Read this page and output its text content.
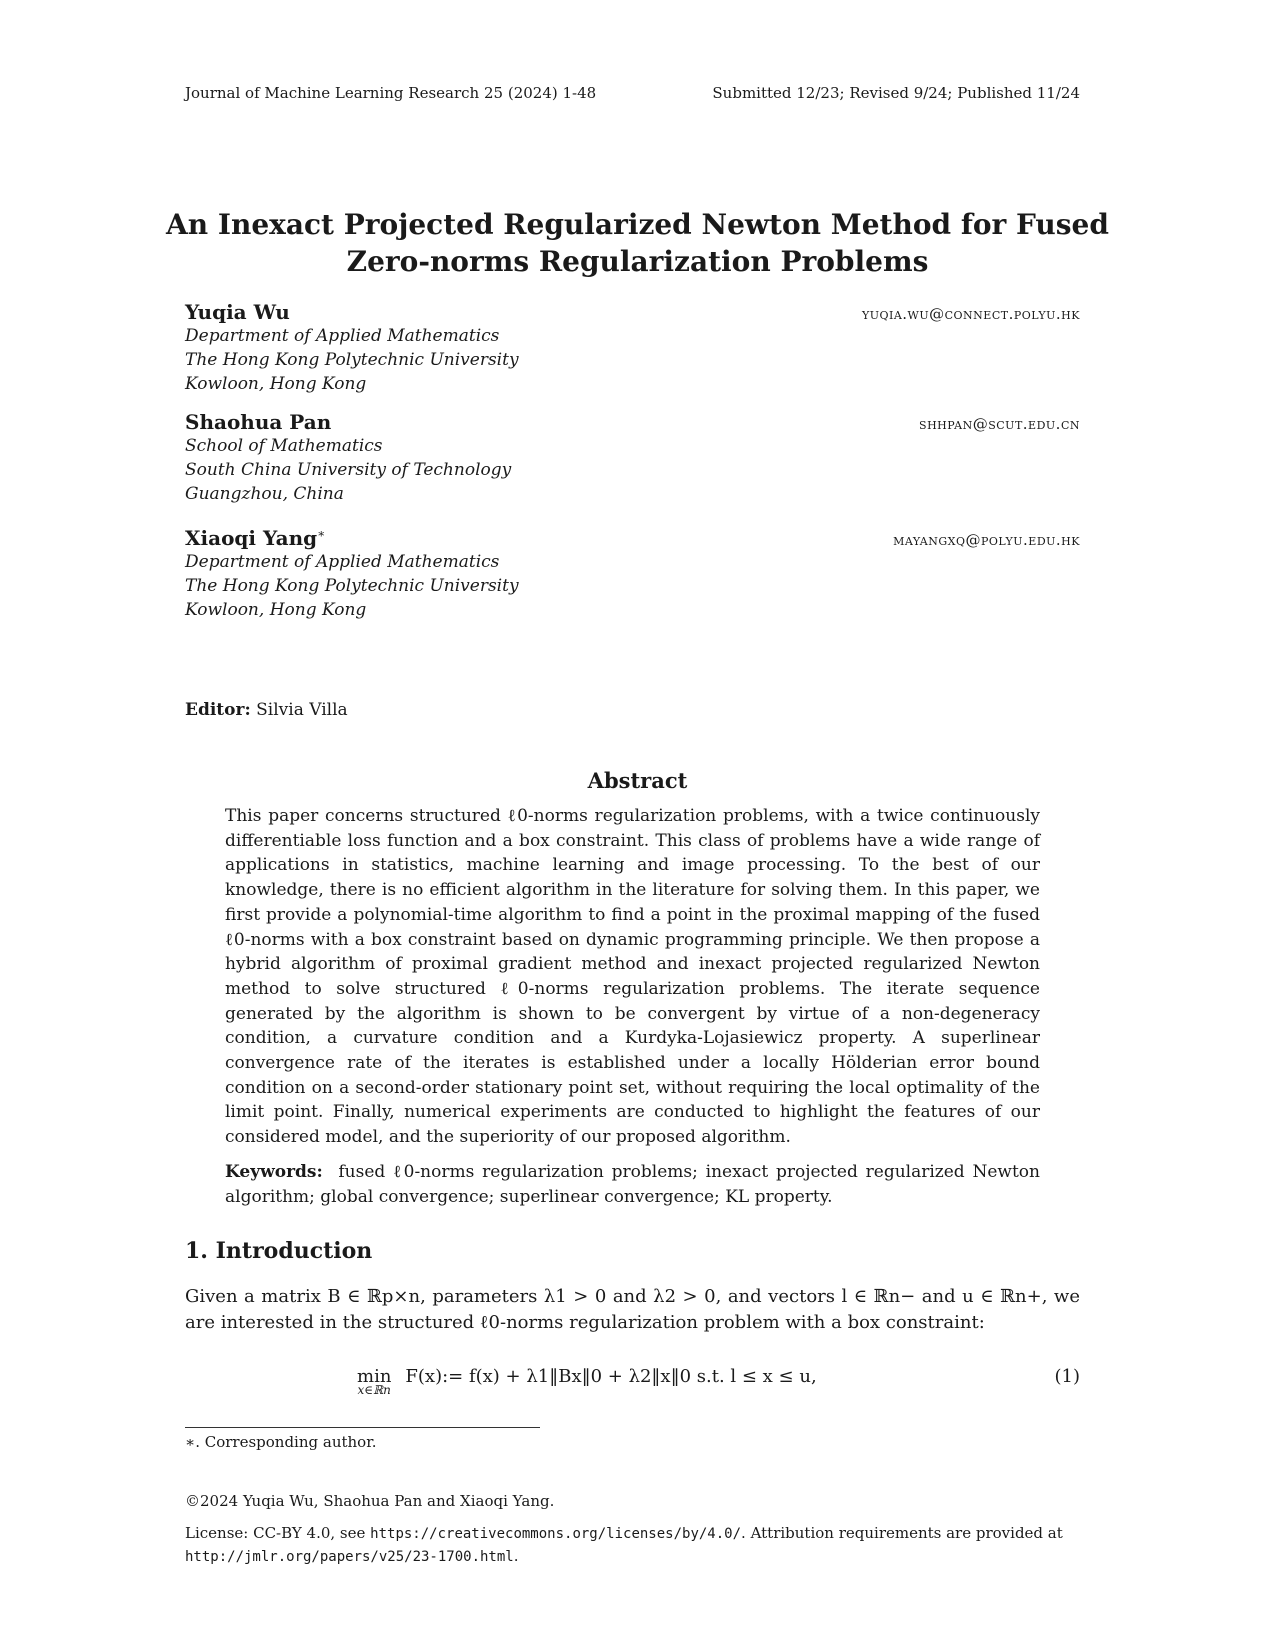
Journal of Machine Learning Research 25 (2024) 1-48	Submitted 12/23; Revised 9/24; Published 11/24
An Inexact Projected Regularized Newton Method for Fused
Zero-norms Regularization Problems
Yuqia Wu	yuqia.wu@connect.polyu.hk
Department of Applied Mathematics
The Hong Kong Polytechnic University
Kowloon, Hong Kong
Shaohua Pan	shhpan@scut.edu.cn
School of Mathematics
South China University of Technology
Guangzhou, China
Xiaoqi Yang∗	mayangxq@polyu.edu.hk
Department of Applied Mathematics
The Hong Kong Polytechnic University
Kowloon, Hong Kong
Editor: Silvia Villa
Abstract
This paper concerns structured ℓ0-norms regularization problems, with a twice continuously differentiable loss function and a box constraint. This class of problems have a wide range of applications in statistics, machine learning and image processing. To the best of our knowledge, there is no efficient algorithm in the literature for solving them. In this paper, we first provide a polynomial-time algorithm to find a point in the proximal mapping of the fused ℓ0-norms with a box constraint based on dynamic programming principle. We then propose a hybrid algorithm of proximal gradient method and inexact projected regularized Newton method to solve structured ℓ0-norms regularization problems. The iterate sequence generated by the algorithm is shown to be convergent by virtue of a non-degeneracy condition, a curvature condition and a Kurdyka-Lojasiewicz property. A superlinear convergence rate of the iterates is established under a locally Hölderian error bound condition on a second-order stationary point set, without requiring the local optimality of the limit point. Finally, numerical experiments are conducted to highlight the features of our considered model, and the superiority of our proposed algorithm.
Keywords: fused ℓ0-norms regularization problems; inexact projected regularized Newton algorithm; global convergence; superlinear convergence; KL property.
1. Introduction
Given a matrix B ∈ ℝp×n, parameters λ1 > 0 and λ2 > 0, and vectors l ∈ ℝn− and u ∈ ℝn+, we are interested in the structured ℓ0-norms regularization problem with a box constraint:
min
x∈ℝn
F(x):= f(x) + λ1‖Bx‖0 + λ2‖x‖0 s.t. l ≤ x ≤ u,	(1)
∗. Corresponding author.
©2024 Yuqia Wu, Shaohua Pan and Xiaoqi Yang.
License: CC-BY 4.0, see https://creativecommons.org/licenses/by/4.0/. Attribution requirements are provided at http://jmlr.org/papers/v25/23-1700.html.
